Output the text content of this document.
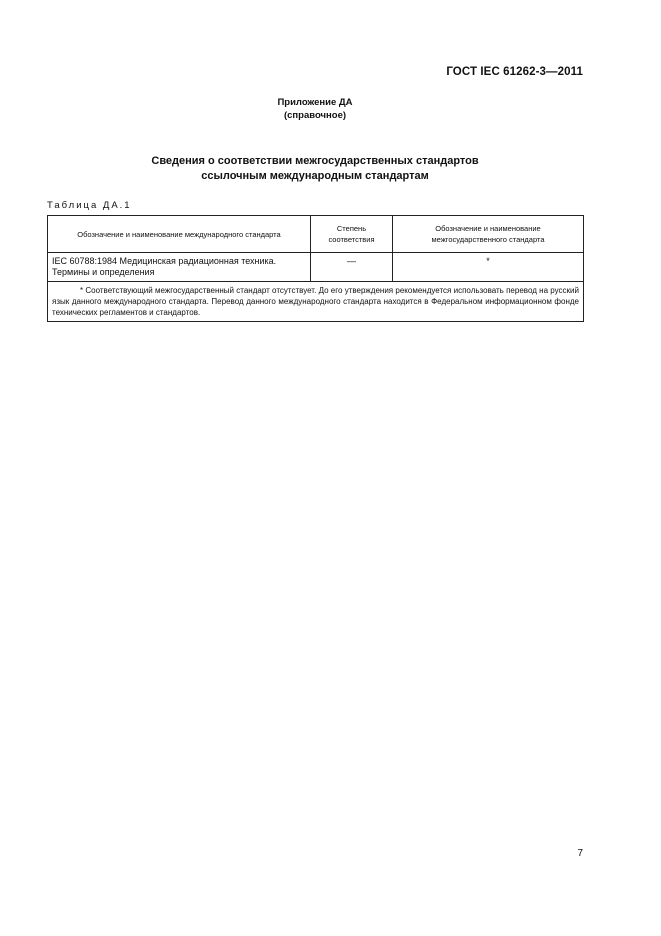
ГОСТ IEC 61262-3—2011
Приложение ДА
(справочное)
Сведения о соответствии межгосударственных стандартов
ссылочным международным стандартам
Таблица ДА.1
Обозначение и наименование международного стандарта	Степень соответствия	Обозначение и наименование межгосударственного стандарта
IEC 60788:1984 Медицинская радиационная техника. Термины и определения	—	*
* Соответствующий межгосударственный стандарт отсутствует. До его утверждения рекомендуется использовать перевод на русский язык данного международного стандарта. Перевод данного международного стандарта находится в Федеральном информационном фонде технических регламентов и стандартов.		
7
